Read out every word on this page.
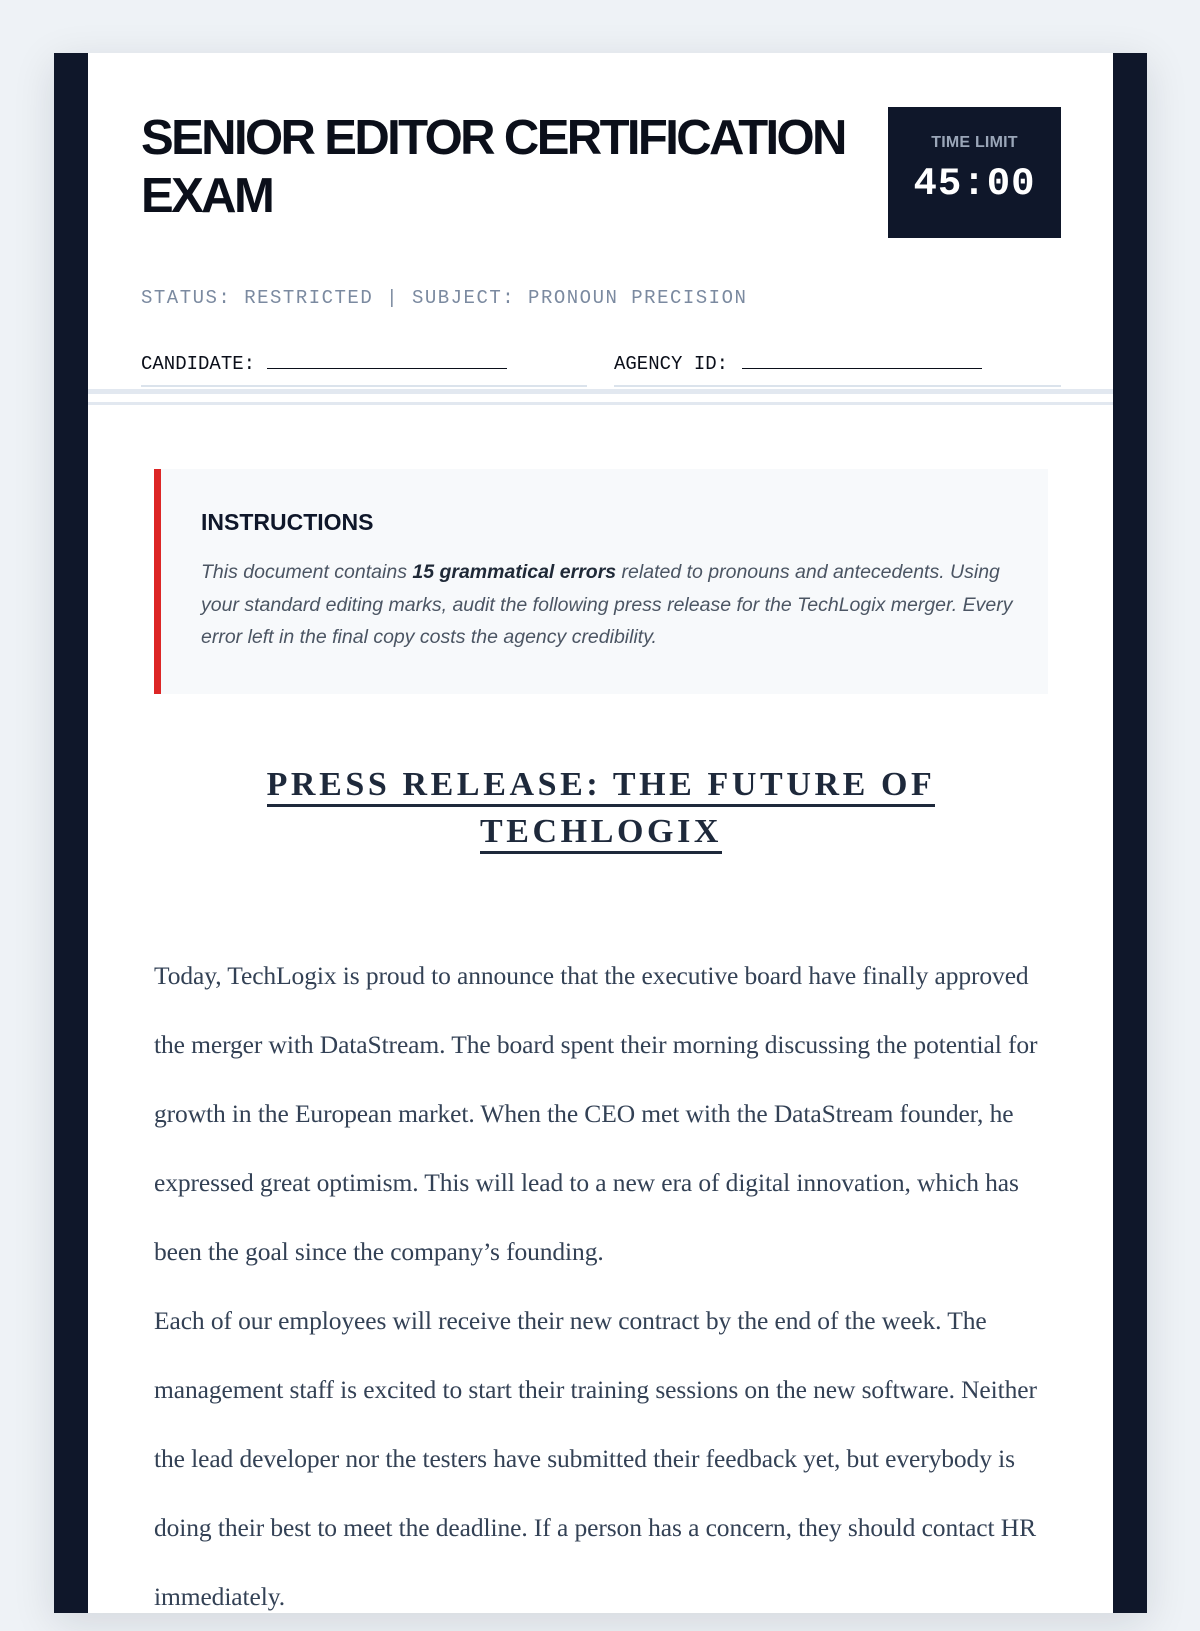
SENIOR EDITOR CERTIFICATION EXAM
STATUS: RESTRICTED | SUBJECT: PRONOUN PRECISION
TIME LIMIT
45:00
CANDIDATE:	AGENCY ID:
INSTRUCTIONS
This document contains 15 grammatical errors related to pronouns and antecedents. Using your standard editing marks, audit the following press release for the TechLogix merger. Every error left in the final copy costs the agency credibility.
PRESS RELEASE: THE FUTURE OF TECHLOGIX

Today, TechLogix is proud to announce that the executive board have finally approved the merger with DataStream. The board spent their morning discussing the potential for growth in the European market. When the CEO met with the DataStream founder, he expressed great optimism. This will lead to a new era of digital innovation, which has been the goal since the company’s founding.

Each of our employees will receive their new contract by the end of the week. The management staff is excited to start their training sessions on the new software. Neither the lead developer nor the testers have submitted their feedback yet, but everybody is doing their best to meet the deadline. If a person has a concern, they should contact HR immediately.
